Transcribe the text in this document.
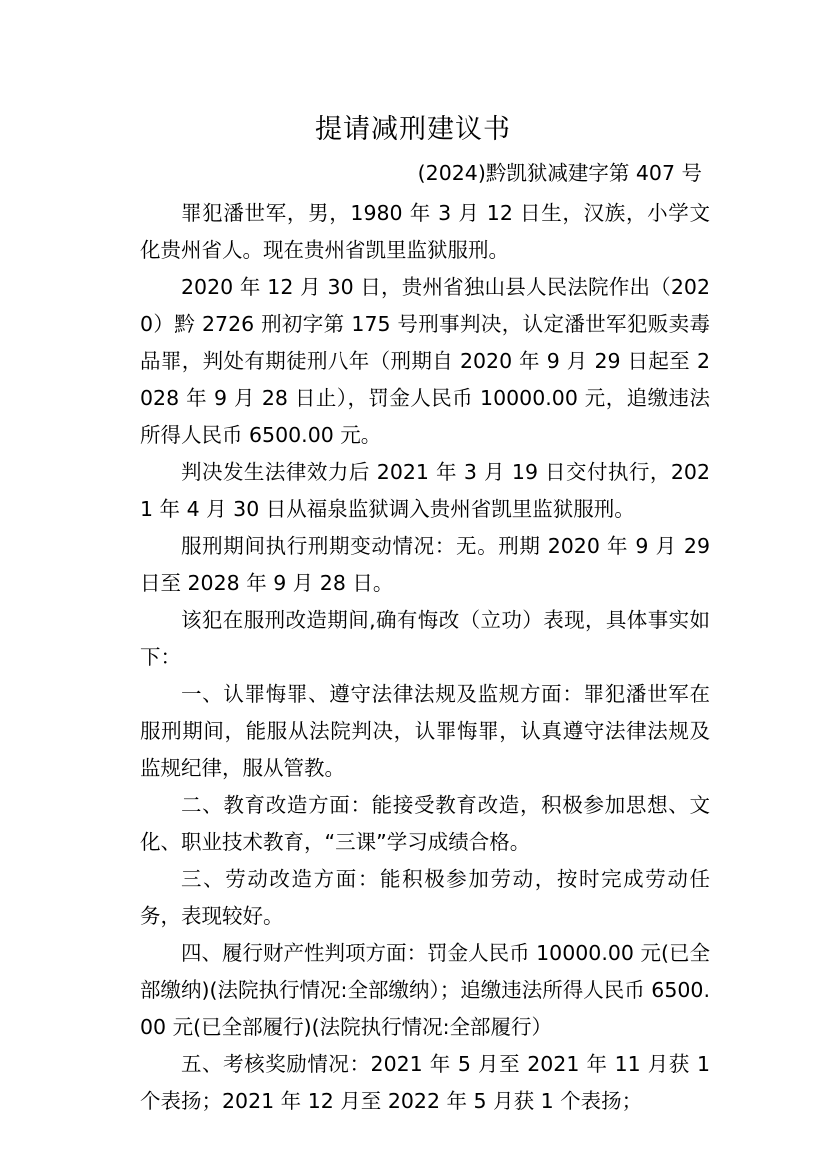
提请减刑建议书
(2024)黔凯狱减建字第 407 号

罪犯潘世军，男，1980 年 3 月 12 日生，汉族，小学文化贵州省人。现在贵州省凯里监狱服刑。

2020 年 12 月 30 日，贵州省独山县人民法院作出（2020）黔 2726 刑初字第 175 号刑事判决，认定潘世军犯贩卖毒品罪，判处有期徒刑八年（刑期自 2020 年 9 月 29 日起至 2028 年 9 月 28 日止），罚金人民币 10000.00 元，追缴违法所得人民币 6500.00 元。

判决发生法律效力后 2021 年 3 月 19 日交付执行，2021 年 4 月 30 日从福泉监狱调入贵州省凯里监狱服刑。

服刑期间执行刑期变动情况：无。刑期 2020 年 9 月 29 日至 2028 年 9 月 28 日。

该犯在服刑改造期间,确有悔改（立功）表现，具体事实如下：

一、认罪悔罪、遵守法律法规及监规方面：罪犯潘世军在服刑期间，能服从法院判决，认罪悔罪，认真遵守法律法规及监规纪律，服从管教。

二、教育改造方面：能接受教育改造，积极参加思想、文化、职业技术教育，“三课”学习成绩合格。

三、劳动改造方面：能积极参加劳动，按时完成劳动任务，表现较好。

四、履行财产性判项方面：罚金人民币 10000.00 元(已全部缴纳)(法院执行情况:全部缴纳）；追缴违法所得人民币 6500.00 元(已全部履行)(法院执行情况:全部履行）

五、考核奖励情况：2021 年 5 月至 2021 年 11 月获 1 个表扬；2021 年 12 月至 2022 年 5 月获 1 个表扬；
